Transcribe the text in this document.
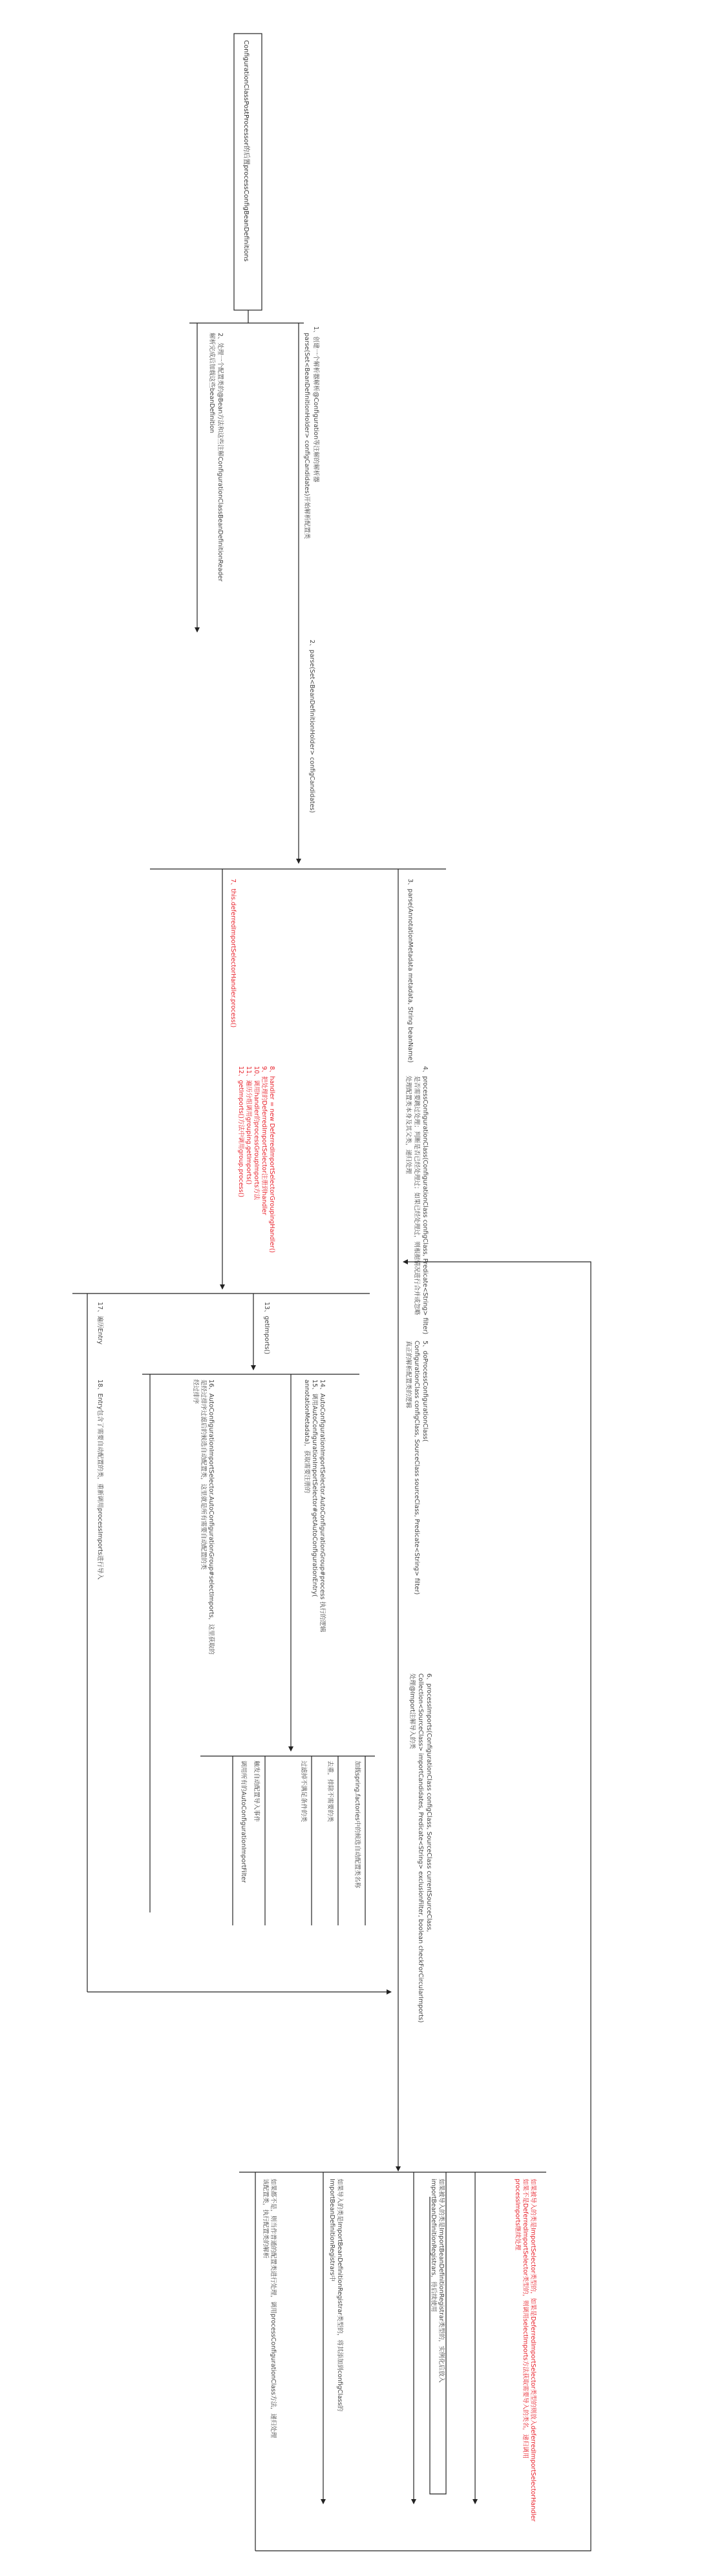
ConfigurationClassPostProcessor的后置processConfigBeanDefinitions
1、创建一个解析器解析@Configuration等注解的解析器
parse(Set<BeanDefinitionHolder> configCandidates)开始解析配置类
2、处理一个配置类的@Bean方法和这些注解ConfigurationClassBeanDefinitionReader
解析完成后加载这些beanDefinition
2、parse(Set<BeanDefinitionHolder> configCandidates)
3、parse(AnnotationMetadata metadata, String beanName)
4、processConfigurationClass(ConfigurationClass configClass, Predicate<String> filter)
是否需要跳过处理；判断是否已经处理过；如果已经处理过，则根据情况进行合并或忽略
处理配置类本身及其父类，递归处理
5、doProcessConfigurationClass(
ConfigurationClass configClass, SourceClass sourceClass, Predicate<String> filter)
真正的解析配置类的逻辑
6、processImports(ConfigurationClass configClass, SourceClass currentSourceClass,
Collection<SourceClass> importCandidates, Predicate<String> exclusionFilter, boolean checkForCircularImports)
处理@Import注解导入的类
7、this.deferredImportSelectorHandler.process()
8、handler = new DeferredImportSelectorGroupingHandler()
9、把处理的DeferredImportSelector注册到handler
10、调用handler的processGroupImports方法
11、遍历分组调用grouping.getImports()
12、getImports()方法中调用group.process()
13、getImports()
17、遍历Entry
18、Entry包含了需要自动配置的类，重新调用processImports进行导入	14、AutoConfigurationImportSelector.AutoConfigurationGroup#process 执行的逻辑
15、调用AutoConfigurationImportSelector#getAutoConfigurationEntry(
annotationMetadata)，获取需要注册的
16、AutoConfigurationImportSelector.AutoConfigurationGroup#selectImports，这里获取的
是经过排序过滤后的候选自动配置类，这里就是所有需要自动配置的类
经过排序
加载spring.factories中的候选自动配置类名称
去重，排除不需要的类
过滤掉不满足条件的类
触发自动配置导入事件
调用所有的AutoConfigurationImportFilter
如果被导入的类是ImportSelector类型的，如果是DeferredImportSelector类型的则放入deferredImportSelectorHandler
如果不是DeferredImportSelector类型的，则调用selectImports方法获取需要导入的类名，递归调用
processImports继续处理
如果被导入的类是ImportBeanDefinitionRegistrar类型的，实例化后放入
importBeanDefinitionRegistrars，待后续使用
如果导入的类是ImportBeanDefinitionRegistrar类型的，将其添加到configClass的
ImportBeanDefinitionRegistrars中
如果都不是，则当作普通的配置类进行处理，调用processConfigurationClass方法，递归处理
该配置类，执行配置类的解析
